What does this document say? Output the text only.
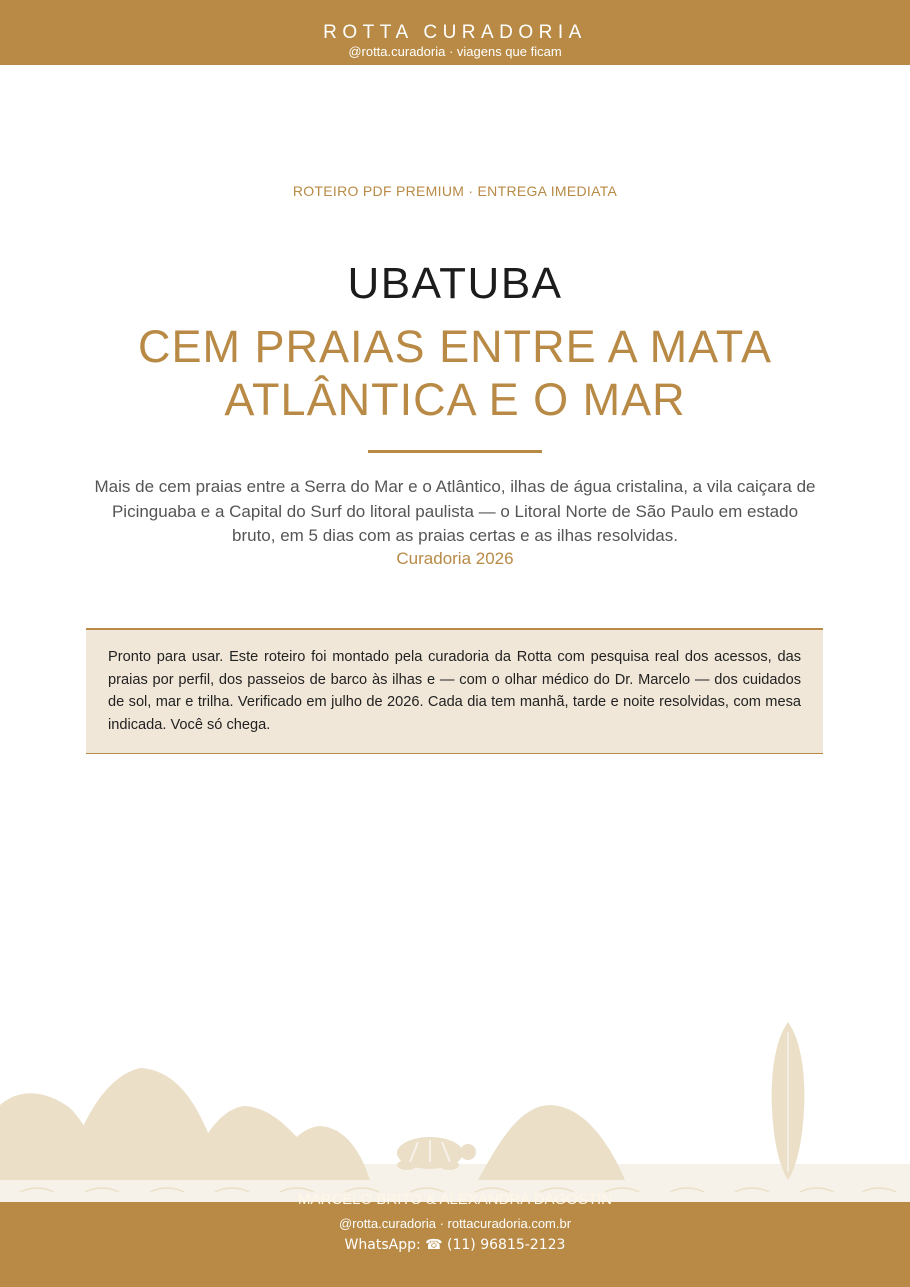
ROTTA CURADORIA
@rotta.curadoria · viagens que ficam
ROTEIRO PDF PREMIUM · ENTREGA IMEDIATA
UBATUBA
CEM PRAIAS ENTRE A MATA ATLÂNTICA E O MAR
Mais de cem praias entre a Serra do Mar e o Atlântico, ilhas de água cristalina, a vila caiçara de Picinguaba e a Capital do Surf do litoral paulista — o Litoral Norte de São Paulo em estado bruto, em 5 dias com as praias certas e as ilhas resolvidas.
Curadoria 2026
Pronto para usar. Este roteiro foi montado pela curadoria da Rotta com pesquisa real dos acessos, das praias por perfil, dos passeios de barco às ilhas e — com o olhar médico do Dr. Marcelo — dos cuidados de sol, mar e trilha. Verificado em julho de 2026. Cada dia tem manhã, tarde e noite resolvidas, com mesa indicada. Você só chega.
MARCELO BRITO & ALEXANDRA DAGOSTIN
@rotta.curadoria · rottacuradoria.com.br
WhatsApp: ☎ (11) 96815-2123
